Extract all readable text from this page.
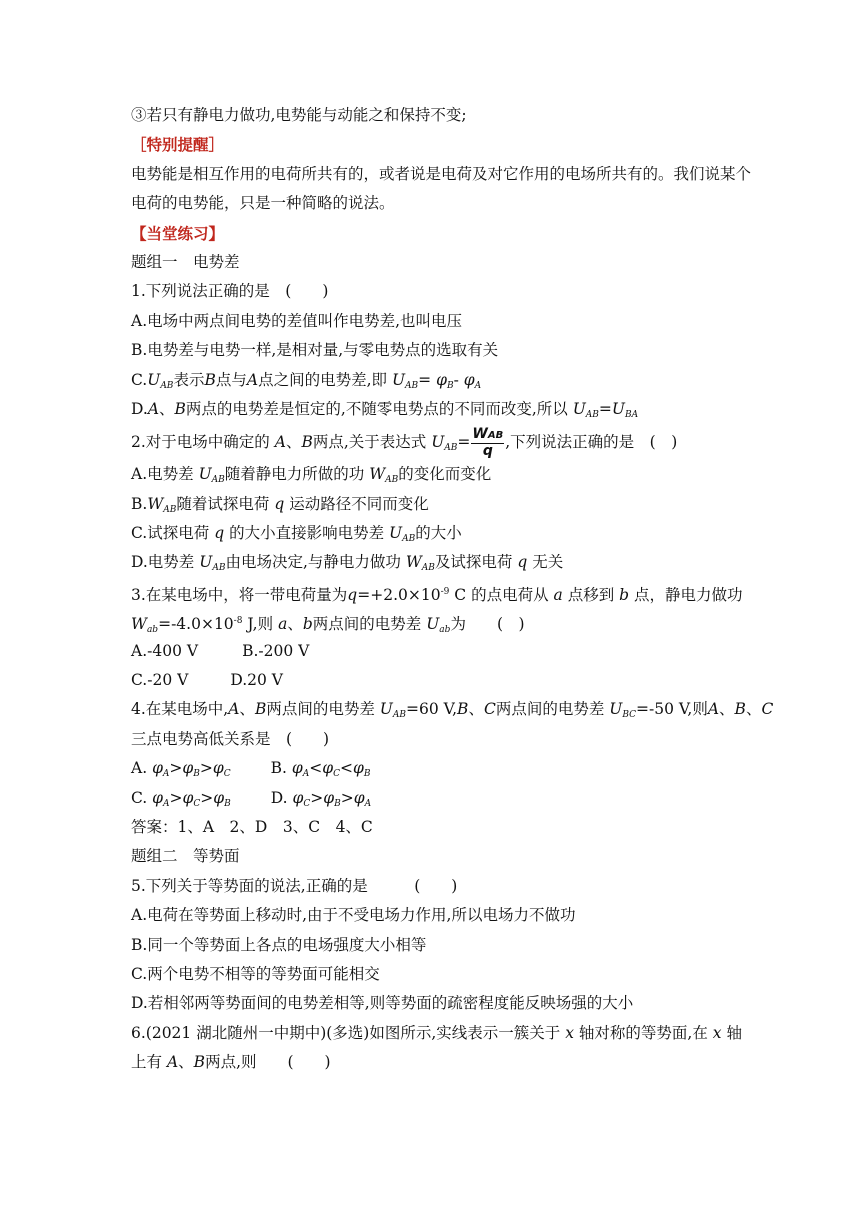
③若只有静电力做功,电势能与动能之和保持不变;
［特别提醒］
电势能是相互作用的电荷所共有的，或者说是电荷及对它作用的电场所共有的。我们说某个
电荷的电势能，只是一种简略的说法。
【当堂练习】
题组一　电势差
1.下列说法正确的是　(　　)
A.电场中两点间电势的差值叫作电势差,也叫电压
B.电势差与电势一样,是相对量,与零电势点的选取有关
$C.U_{AB}$表示B点与A点之间的电势差,即 $U_{AB}= \varphi_B-$ $\varphi_A$
D.A、B两点的电势差是恒定的,不随零电势点的不同而改变,所以 $U_{AB}=U_{BA}$
2.对于电场中确定的 A、B两点,关于表达式 $U_{AB}= \frac{\text{WAB}}{q}$ ,下列说法正确的是　(　)
A.电势差 $U_{AB}$随着静电力所做的功 $W_{AB}$的变化而变化
$B.W_{AB}$随着试探电荷 q 运动路径不同而变化
C.试探电荷 q 的大小直接影响电势差 $U_{AB}$的大小
D.电势差 $U_{AB}$由电场决定,与静电力做功 $W_{AB}$及试探电荷 q 无关
3.在某电场中，将一带电荷量为$q=+2.0\times 10^{-9}$ C 的点电荷从 a 点移到 b 点，静电力做功
$W_{ab}=-4.0\times 10^{-8}$ J,则 a、b两点间的电势差 $U_{ab}$为　　(　)
A.-400 V	B.-200 V
C.-20 V	D.20 V
4.在某电场中,A、B两点间的电势差 $U_{AB}=60$ V,B、C两点间的电势差 $U_{BC}=-50$ V,则A、B、C
三点电势高低关系是　(　　)
A. $\varphi_A>\varphi_B>\varphi_C$	B. $\varphi_A<\varphi_C<\varphi_B$
C. $\varphi_A>\varphi_C>\varphi_B$	D. $\varphi_C>\varphi_B>\varphi_A$
答案：1、A　2、D　3、C　4、C
题组二　等势面
5.下列关于等势面的说法,正确的是　　　(　　)
A.电荷在等势面上移动时,由于不受电场力作用,所以电场力不做功
B.同一个等势面上各点的电场强度大小相等
C.两个电势不相等的等势面可能相交
D.若相邻两等势面间的电势差相等,则等势面的疏密程度能反映场强的大小
6.(2021 湖北随州一中期中)(多选)如图所示,实线表示一簇关于 x 轴对称的等势面,在 x 轴
上有 A、B两点,则　　(　　)
